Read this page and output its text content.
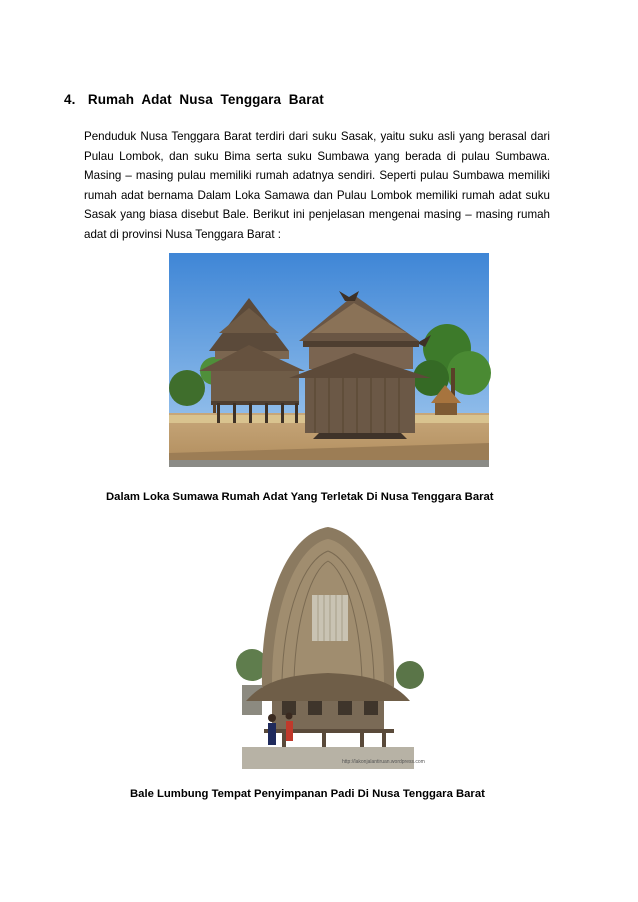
4. Rumah  Adat  Nusa  Tenggara  Barat
Penduduk Nusa Tenggara Barat terdiri dari suku Sasak, yaitu suku asli yang berasal dari Pulau Lombok, dan suku Bima serta suku Sumbawa yang berada di pulau Sumbawa. Masing – masing pulau memiliki rumah adatnya sendiri. Seperti pulau Sumbawa memiliki rumah adat bernama Dalam Loka Samawa dan Pulau Lombok memiliki rumah adat suku Sasak yang biasa disebut Bale. Berikut ini penjelasan mengenai masing – masing rumah adat di provinsi Nusa Tenggara Barat :
Dalam Loka Sumawa Rumah Adat Yang Terletak Di Nusa Tenggara Barat
http://lakonjalantiruan.wordpress.com
Bale Lumbung Tempat Penyimpanan Padi Di Nusa Tenggara Barat
